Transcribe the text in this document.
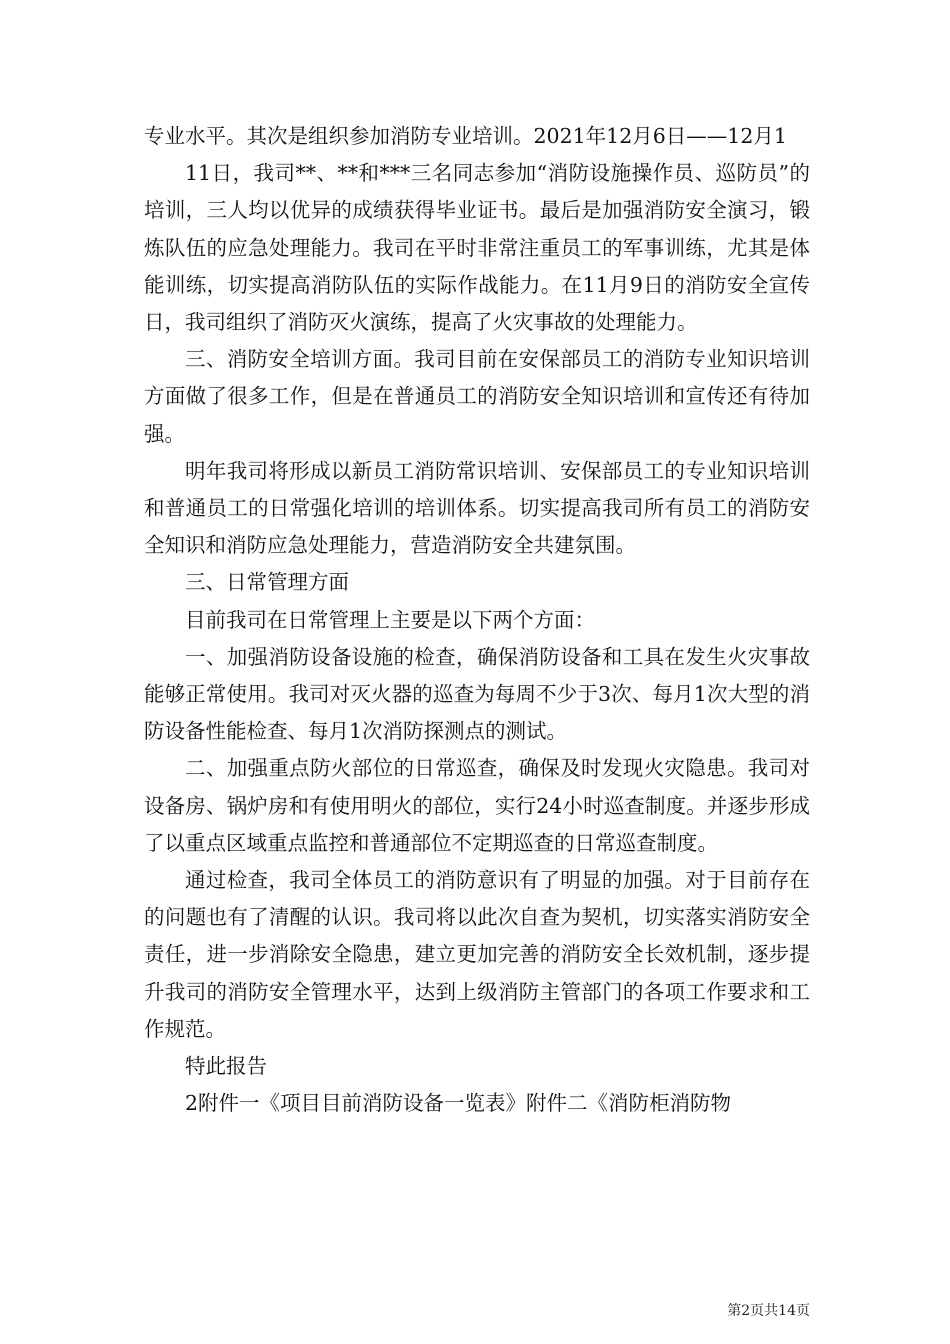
专业水平。其次是组织参加消防专业培训。2021年12月6日——12月1

11日，我司**、**和***三名同志参加“消防设施操作员、巡防员”的培训，三人均以优异的成绩获得毕业证书。最后是加强消防安全演习，锻炼队伍的应急处理能力。我司在平时非常注重员工的军事训练，尤其是体能训练，切实提高消防队伍的实际作战能力。在11月9日的消防安全宣传日，我司组织了消防灭火演练，提高了火灾事故的处理能力。

三、消防安全培训方面。我司目前在安保部员工的消防专业知识培训方面做了很多工作，但是在普通员工的消防安全知识培训和宣传还有待加强。

明年我司将形成以新员工消防常识培训、安保部员工的专业知识培训和普通员工的日常强化培训的培训体系。切实提高我司所有员工的消防安全知识和消防应急处理能力，营造消防安全共建氛围。

三、日常管理方面

目前我司在日常管理上主要是以下两个方面：

一、加强消防设备设施的检查，确保消防设备和工具在发生火灾事故能够正常使用。我司对灭火器的巡查为每周不少于3次、每月1次大型的消防设备性能检查、每月1次消防探测点的测试。

二、加强重点防火部位的日常巡查，确保及时发现火灾隐患。我司对设备房、锅炉房和有使用明火的部位，实行24小时巡查制度。并逐步形成了以重点区域重点监控和普通部位不定期巡查的日常巡查制度。

通过检查，我司全体员工的消防意识有了明显的加强。对于目前存在的问题也有了清醒的认识。我司将以此次自查为契机，切实落实消防安全责任，进一步消除安全隐患，建立更加完善的消防安全长效机制，逐步提升我司的消防安全管理水平，达到上级消防主管部门的各项工作要求和工作规范。

特此报告

2附件一《项目目前消防设备一览表》附件二《消防柜消防物

第2页共14页
